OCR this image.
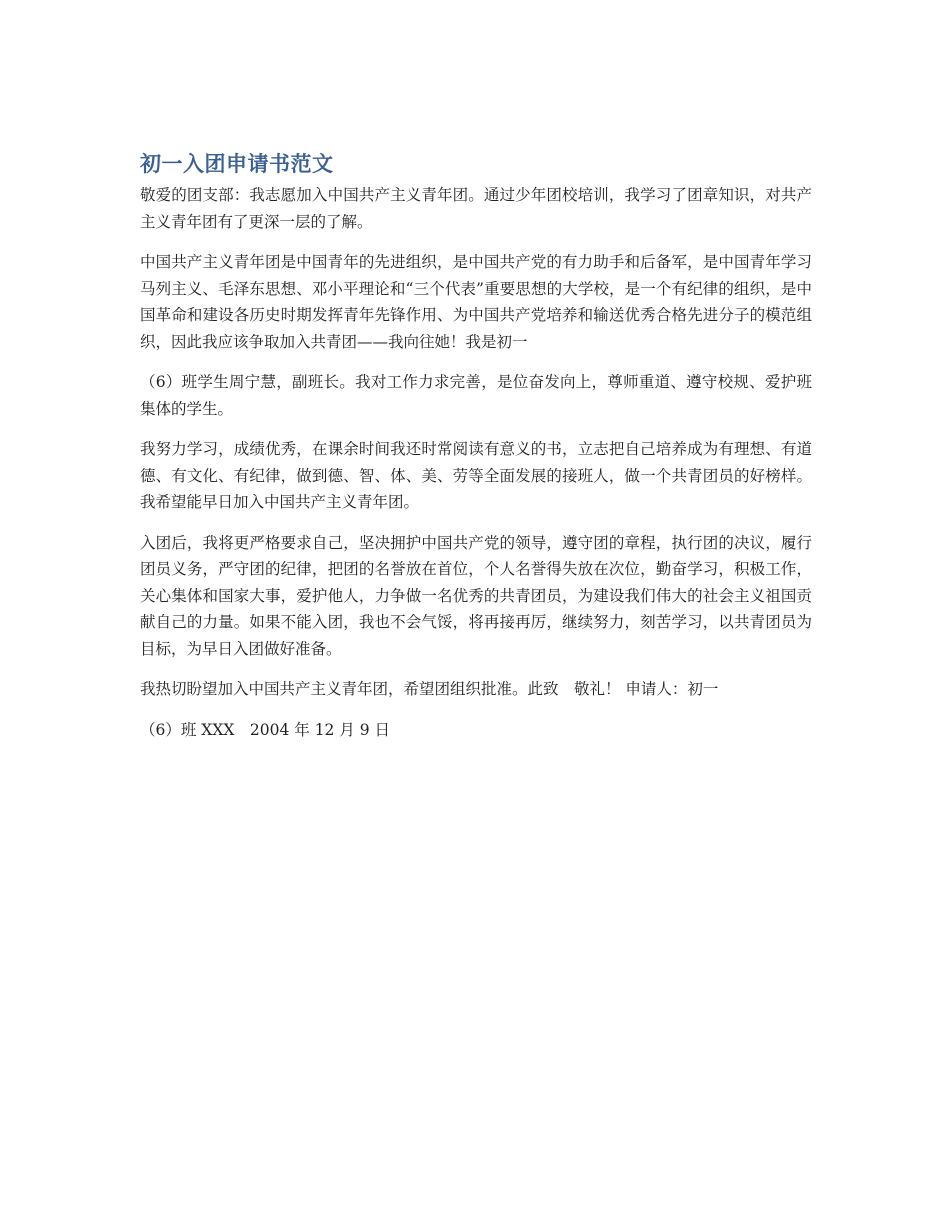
初一入团申请书范文

敬爱的团支部：我志愿加入中国共产主义青年团。通过少年团校培训，我学习了团章知识，对共产主义青年团有了更深一层的了解。

中国共产主义青年团是中国青年的先进组织，是中国共产党的有力助手和后备军，是中国青年学习马列主义、毛泽东思想、邓小平理论和“三个代表”重要思想的大学校，是一个有纪律的组织，是中国革命和建设各历史时期发挥青年先锋作用、为中国共产党培养和输送优秀合格先进分子的模范组织，因此我应该争取加入共青团——我向往她！我是初一

（6）班学生周宁慧，副班长。我对工作力求完善，是位奋发向上，尊师重道、遵守校规、爱护班集体的学生。

我努力学习，成绩优秀，在课余时间我还时常阅读有意义的书，立志把自己培养成为有理想、有道德、有文化、有纪律，做到德、智、体、美、劳等全面发展的接班人，做一个共青团员的好榜样。我希望能早日加入中国共产主义青年团。

入团后，我将更严格要求自己，坚决拥护中国共产党的领导，遵守团的章程，执行团的决议，履行团员义务，严守团的纪律，把团的名誉放在首位，个人名誉得失放在次位，勤奋学习，积极工作，关心集体和国家大事，爱护他人，力争做一名优秀的共青团员，为建设我们伟大的社会主义祖国贡献自己的力量。如果不能入团，我也不会气馁，将再接再厉，继续努力，刻苦学习，以共青团员为目标，为早日入团做好准备。

我热切盼望加入中国共产主义青年团，希望团组织批准。此致　敬礼！ 申请人：初一

（6）班 XXX　2004 年 12 月 9 日
